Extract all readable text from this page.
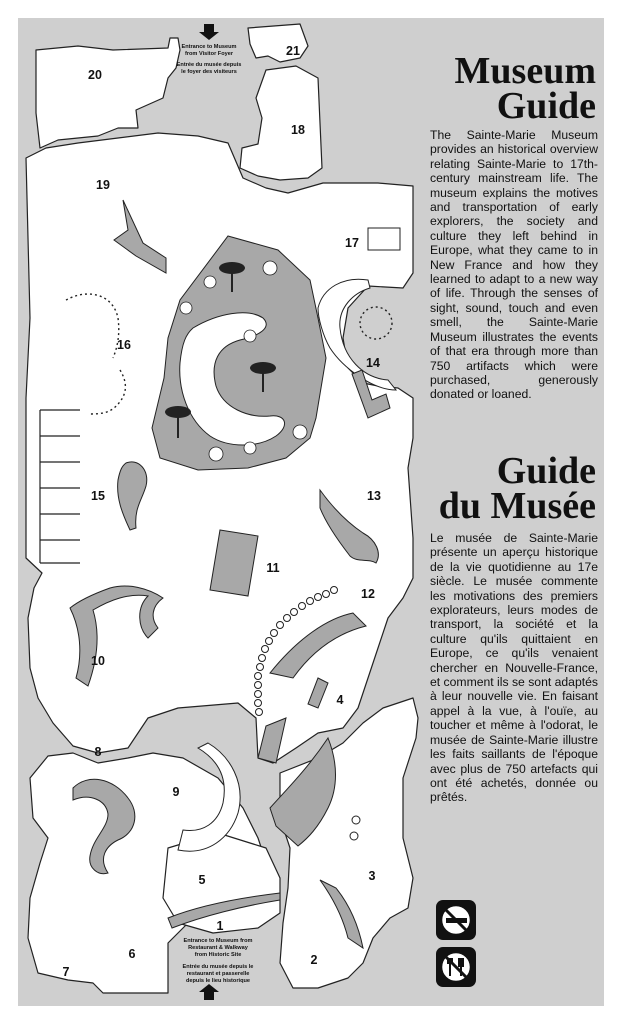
1
2
3
4
5
6
7
8
9
10
11
12
13
14
15
16
17
18
19
20
21
Entrance to Museum
from Visitor Foyer
Entrée du musée depuis
le foyer des visiteurs
Entrance to Museum from
Restaurant & Walkway
from Historic Site
Entrée du musée depuis le
restaurant et passerelle
depuis le lieu historique
Museum
Guide
The Sainte-Marie Museum provides an historical overview relating Sainte-Marie to 17th-century mainstream life. The museum explains the motives and transportation of early explorers, the society and culture they left behind in Europe, what they came to in New France and how they learned to adapt to a new way of life. Through the senses of sight, sound, touch and even smell, the Sainte-Marie Museum illustrates the events of that era through more than 750 artifacts which were purchased, generously donated or loaned.
Guide
du Musée
Le musée de Sainte-Marie présente un aperçu historique de la vie quotidienne au 17e siècle. Le musée commente les motivations des premiers explorateurs, leurs modes de transport, la société et la culture qu'ils quittaient en Europe, ce qu'ils venaient chercher en Nouvelle-France, et comment ils se sont adaptés à leur nouvelle vie. En faisant appel à la vue, à l'ouïe, au toucher et même à l'odorat, le musée de Sainte-Marie illustre les faits saillants de l'époque avec plus de 750 artefacts qui ont été achetés, donnée ou prêtés.
